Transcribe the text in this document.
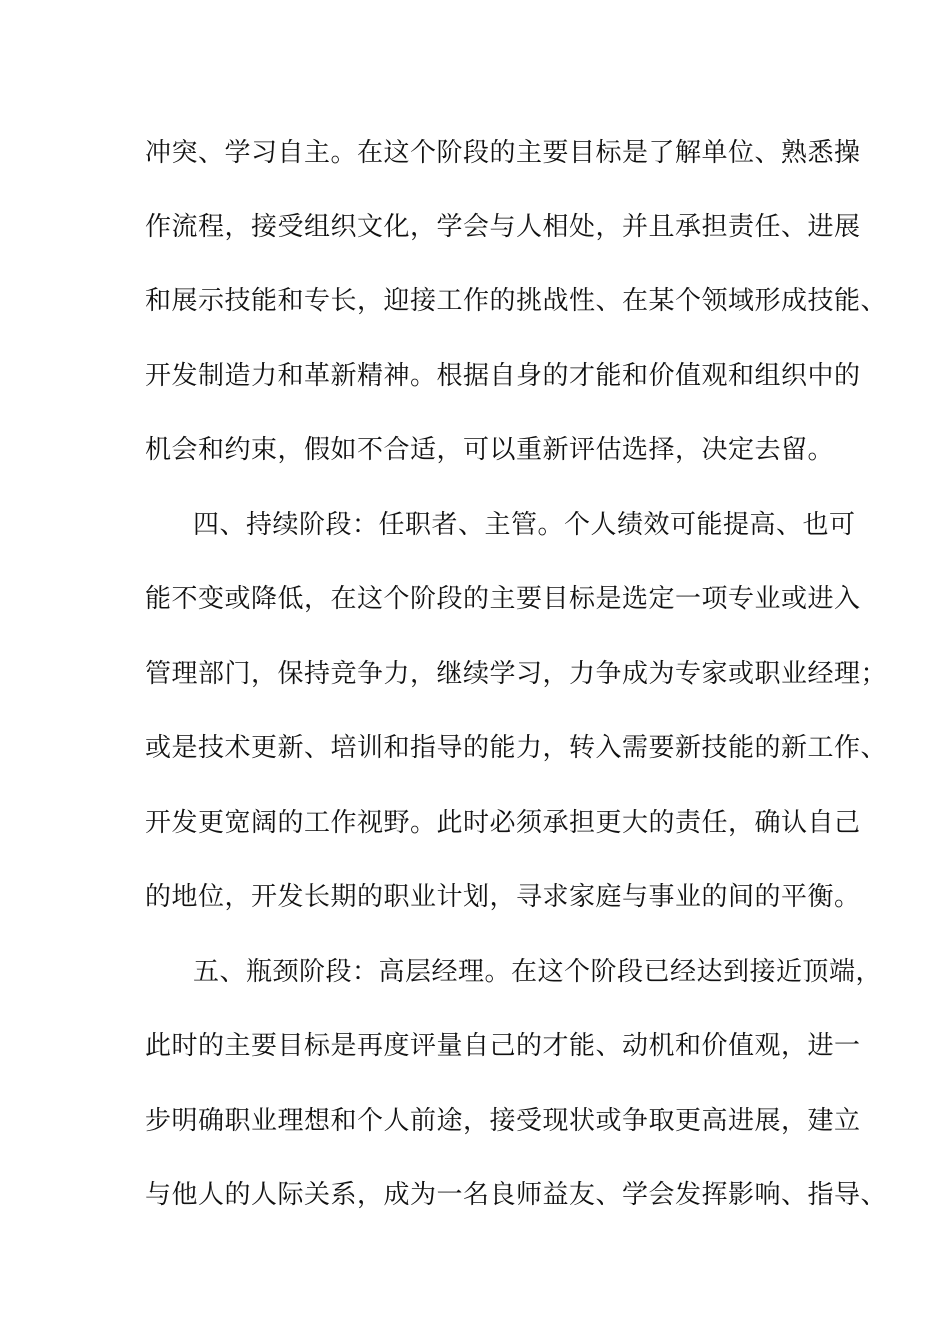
冲突、学习自主。在这个阶段的主要目标是了解单位、熟悉操
作流程，接受组织文化，学会与人相处，并且承担责任、进展
和展示技能和专长，迎接工作的挑战性、在某个领域形成技能、
开发制造力和革新精神。根据自身的才能和价值观和组织中的
机会和约束，假如不合适，可以重新评估选择，决定去留。
四、持续阶段：任职者、主管。个人绩效可能提高、也可
能不变或降低，在这个阶段的主要目标是选定一项专业或进入
管理部门，保持竞争力，继续学习，力争成为专家或职业经理；
或是技术更新、培训和指导的能力，转入需要新技能的新工作、
开发更宽阔的工作视野。此时必须承担更大的责任，确认自己
的地位，开发长期的职业计划，寻求家庭与事业的间的平衡。
五、瓶颈阶段：高层经理。在这个阶段已经达到接近顶端，
此时的主要目标是再度评量自己的才能、动机和价值观，进一
步明确职业理想和个人前途，接受现状或争取更高进展，建立
与他人的人际关系，成为一名良师益友、学会发挥影响、指导、
